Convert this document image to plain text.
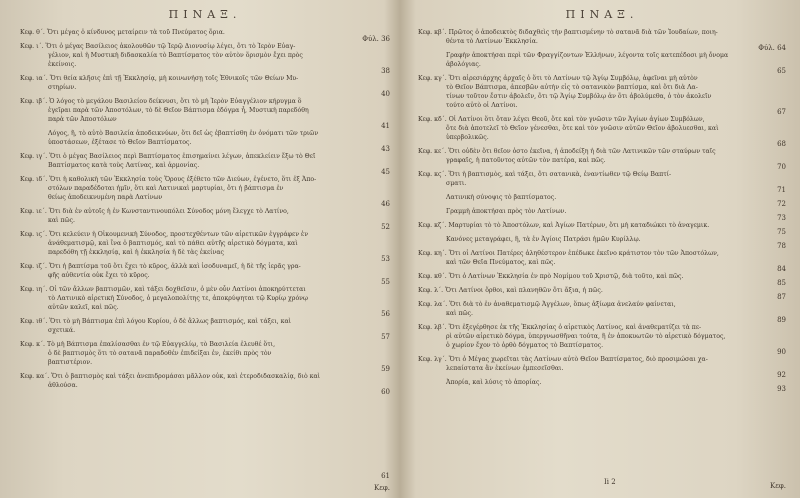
ΠΙΝΑΞ.
Κεφ. θ΄. Ὅτι μέγας ὁ κίνδυνος μεταίρειν τὰ τοῦ Πνεύματος ὅρια.
Φύλ. 36
Κεφ. ι΄. Ὅτι ὁ μέγας Βασίλειος ἀκολουθῶν τῷ Ἱερῷ Διονυσίῳ λέγει, ὅτι τὸ Ἱερὸν Εὐαγ-
γέλιον, καὶ ἡ Μυστικὴ διδασκαλία τὸ Βαπτίσματος τὸν αὐτὸν ὅρισμὸν ἔχει πρὸς
ἐκείνοις.
38
Κεφ. ια΄. Ὅτι θεία κλῆσις ἐπὶ τῇ Ἐκκλησίᾳ, μὴ κοινωνήσῃ τοῖς Ἐθνικοῖς τῶν Θείων Μυ-
στηρίων.
40
Κεφ. ιβ΄. Ὁ λόγος τὸ μεγάλου Βασιλείου δείκνυσι, ὅτι τὸ μὴ Ἱερὸν Εὐαγγέλιον κήρυγμα ὃ
ἐγεῖραι παρὰ τῶν Ἀποστόλων, τὸ δὲ Θεῖον Βάπτισμα ἐδόγμα ἦ, Μυστικὴ παρεδόθη
παρὰ τῶν Ἀποστόλων
41
Λόγος, ἢ, τὸ αὐτὸ Βασιλεία ἀποδεικνύων, ὅτι δεῖ ὡς ἐβαπτίσθη ἐν ὀνόματι τῶν τριῶν
ὑποστάσεων, ἐξέτασε τὸ Θεῖον Βαπτίσματος.
43
Κεφ. ιγ΄. Ὅτι ὁ μέγας Βασίλειος περὶ Βαπτίσματος ἐπισημαίνει λέγων, ἀπεκλείειν ἔξω τὸ Θεῖ
Βαπτίσματος κατὰ τοὺς Λατίνας, καὶ ἀρμονίας.
45
Κεφ. ιδ΄. Ὅτι ἡ καθολικὴ τῶν Ἐκκλησία τοὺς Ὅρους ἐξέθετο τῶν Διεύων, ἐγένετο, ὅτι ἐξ Ἀπο-
στόλων παραδέδοται ἡμῖν, ὅτι καὶ Λατινικαὶ μαρτυρίαι, ὅτι ἡ βάπτισμα ἐν
θείως ἀποδεικνυμένη παρὰ Λατίνων
46
Κεφ. ιε΄. Ὅτι διὰ ἐν αὐτοῖς ἡ ἐν Κωνσταντινουπόλει Σύνοδος μόνη ἔλεγχε τὸ Λατίνο,
καὶ πῶς.
52
Κεφ. ιϛ΄. Ὅτι κελεύειν ἡ Οἰκουμενικὴ Σύνοδος, προστεχθέντων τῶν αἰρετικῶν ἐγγράφεν ἐν
ἀνάθεματισμῷ, καὶ ἵνα ὁ βαπτισμός, καὶ τὸ πάθει αὐτῆς αἰρετικὸ δόγματα, καὶ
παρεδόθη τῇ ἐκκλησίᾳ, καὶ ἡ ἐκκλησία ἡ δὲ τὰς ἐκείνας
53
Κεφ. ιζ΄. Ὅτι ἡ βαπτίσμα τοῦ ὅτι ἔχει τὸ κῦρος, ἀλλὰ καὶ ἰσοδυναμεῖ, ἡ δὲ τῆς ἱερᾶς γρα-
φῆς αὐθεντία οὐκ ἔχει τὸ κῦρος.
55
Κεφ. ιη΄. Οἱ τῶν ἄλλων βαπτισμῶν, καὶ τάξει δοχθεῖσιν, ὁ μὲν οὖν Λατίνοι ἀποκηρύττεται
τὸ Λατινικὸ αἰρετικὴ Σύνοδος, ὁ μεγαλοπολίτης τε, ἀποκρύψηται τῷ Κυρίῳ χρόνῳ
αὐτῶν καλεῖ, καὶ πῶς.
56
Κεφ. ιθ΄. Ὅτι τὸ μὴ Βάπτισμα ἐπὶ λόγου Κυρίου, ὁ δὲ ἄλλως βαπτισμός, καὶ τάξει, καὶ
σχετικά.
57
Κεφ. κ΄. Τὸ μὴ Βάπτισμα ἐπαλίσασθαι ἐν τῷ Εὐαγγελίῳ, τὸ Βασιλεία ἐλευθέ ὅτι,
ὁ δὲ βαπτισμὸς ὅτι τὸ σατανᾶ παραδοθέν ἐπιδείξαι ἐν, ἐκείθι πρὸς τὸν
βαπτιστέριον.
59
Κεφ. κα΄. Ὅτι ὁ βαπτισμὸς καὶ τάξει ἀνεπιδρομάσαι μᾶλλον οὐκ, καὶ ἐτεροδιδασκαλίᾳ, διὸ καὶ
ἀθλούσα.
60
61
Κεφ.
ΠΙΝΑΞ.
Κεφ. κβ΄. Πρῶτος ὁ ἀποδεικτὸς διδαχθεὶς τὴν βαπτισμένην τὸ σατανᾶ διὰ τῶν Ἰουδαίων, ποιη-
θέντα τὸ Λατίνων Ἐκκλησία.
Φύλ. 64
Γραφὴν ἀποκτήσαι περὶ τῶν Φραγγίζοντων Ἑλλήνων, λέγοντα τοῖς κατεπέδοσι μὴ ὄνομα
ἀβολόγιας.
65
Κεφ. κγ΄. Ὅτι αἰρεσιάρχης ἀρχαῖς ὁ ὅτι τὸ Λατίνων τῷ Ἁγίῳ Συμβόλῳ, ἀφεῖναι μὴ αὐτὸν
τὸ Θεῖον Βάπτισμα, ἀπεσβῶν αὐτὴν εἰς τὸ σατανικὸν βαπτίσμα, καὶ ὅτι διὰ Λα-
τίνων τοῦτον ἔστιν ἀβολεῖν, ὅτι τῷ Ἁγίῳ Συμβόλῳ ἀν ὅτι ἀβολύμεθα, ὁ τὸν ἀκολεῖν
τούτο αὐτὸ οἱ Λατίνοι.
67
Κεφ. κδ΄. Οἱ Λατίνοι ὅτι ὅταν λέγει Θεοῦ, ὅτε καὶ τὸν γνῶσιν τῶν Ἁγίων ἀγίων Συμβόλων,
ὅτε διὰ ἀποτελεῖ τὸ Θεῖον γένεσθαι, ὅτε καὶ τὸν γνῶσιν αὐτῶν Θεῖον ἀβολυεσθαι, καὶ
ὑπερβολικῶς.
68
Κεφ. κε΄. Ὅτι οὐδὲν ὅτι θεῖον ὀστο ἐκεῖνα, ἡ ἀποδείξη ἡ διὰ τῶν Λατινικῶν τῶν σταύρων ταῖς
γραφαῖς, ἡ πατοῦντος αὐτῶν τὸν πατέρα, καὶ πῶς.
70
Κεφ. κϛ΄. Ὅτι ἡ βαπτισμὸς, καὶ τάξει, ὅτι σατανικὰ, ἐναντίωθεν τῷ Θείῳ Βαπτί-
σματι.
71
Λατινικὴ σύνοψις τὸ βαπτίσματος.
72
Γραμμὴ ἀποκτήσαι πρὸς τὸν Λατίνων.
73
Κεφ. κζ΄. Μαρτυρίαι τὸ τὸ Ἀποστόλων, καὶ Ἁγίων Πατέρων, ὅτι μὴ καταδιώκει τὸ ἀναγεμικ.
75
Κανόνες μεταγράφει, ἢ, τὰ ἐν Ἁγίοις Πατράσι ἡμῶν Κυρίλλῳ.
78
Κεφ. κη΄. Ὅτι οἱ Λατίνοι Πατέρες ἀληθέστερον ἐπέδωκε ἐκεῖνο κράτιστον τὸν τῶν Ἀποστόλων,
καὶ τῶν Θεῖα Πνεύματος, καὶ πῶς.
84
Κεφ. κθ΄. Ὅτι ὁ Λατίνων Ἐκκλησία ἐν πρὸ Νομίμου τοῦ Χριστῷ, διὰ τοῦτο, καὶ πῶς.
85
Κεφ. λ΄. Ὅτι Λατίνοι ὄρθοι, καὶ πλανηθῶν ὅτι ἄξια, ἡ πῶς.
87
Κεφ. λα΄. Ὅτι διὰ τὸ ἐν ἀναθεματισμῷ Ἀγγέλων, ὅπως ἀξίωμα ἀνελαύν φαίνεται,
καὶ πῶς.
89
Κεφ. λβ΄. Ὅτι ἐξεγέρθησε ἐκ τῆς Ἐκκλησίας ὁ αἰρετικὸς Λατίνος, καὶ ἀναθεματίζει τὰ πε-
ρὶ αὐτῶν αἰρετικὸ δόγμα, ὑπεργνωσθῆναι τούτα, ἢ ἐν ἀποκυωτῶν τὸ αἰρετικὸ δόγματος,
ὁ χωρίον ἔχον τὸ ὀρθὸ δόγματος τὸ Βαπτίσματος.
90
Κεφ. λγ΄. Ὅτι ὁ Μέγας χωρεῖται τὰς Λατίνων αὐτὸ Θεῖον Βαπτίσματος, διὸ προσιμώσαι χα-
λεπαίστατα ἂν ἐκείνων ἐμπεσεῖσθαι.
92
Ἀπορία, καὶ λύσις τὸ ἀπορίας.
93
Ii 2	Κεφ.
